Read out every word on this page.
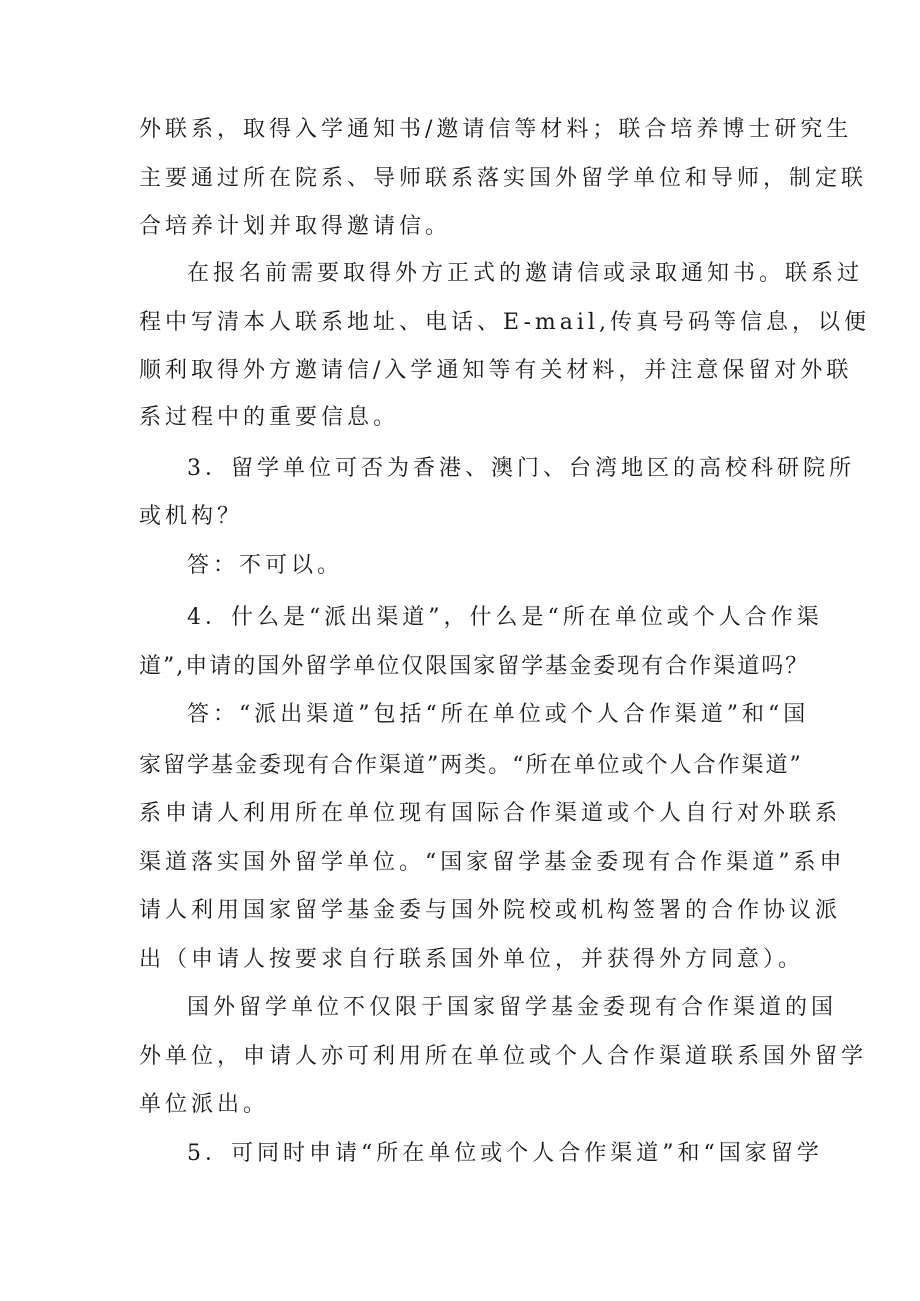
外联系，取得入学通知书/邀请信等材料；联合培养博士研究生
主要通过所在院系、导师联系落实国外留学单位和导师，制定联
合培养计划并取得邀请信。
在报名前需要取得外方正式的邀请信或录取通知书。联系过
程中写清本人联系地址、电话、E-mail,传真号码等信息，以便
顺利取得外方邀请信/入学通知等有关材料，并注意保留对外联
系过程中的重要信息。
3．留学单位可否为香港、澳门、台湾地区的高校科研院所
或机构？
答：不可以。
4．什么是“派出渠道”，什么是“所在单位或个人合作渠
道”,申请的国外留学单位仅限国家留学基金委现有合作渠道吗？
答：“派出渠道”包括“所在单位或个人合作渠道”和“国
家留学基金委现有合作渠道”两类。“所在单位或个人合作渠道”
系申请人利用所在单位现有国际合作渠道或个人自行对外联系
渠道落实国外留学单位。“国家留学基金委现有合作渠道”系申
请人利用国家留学基金委与国外院校或机构签署的合作协议派
出（申请人按要求自行联系国外单位，并获得外方同意）。
国外留学单位不仅限于国家留学基金委现有合作渠道的国
外单位，申请人亦可利用所在单位或个人合作渠道联系国外留学
单位派出。
5．可同时申请“所在单位或个人合作渠道”和“国家留学
